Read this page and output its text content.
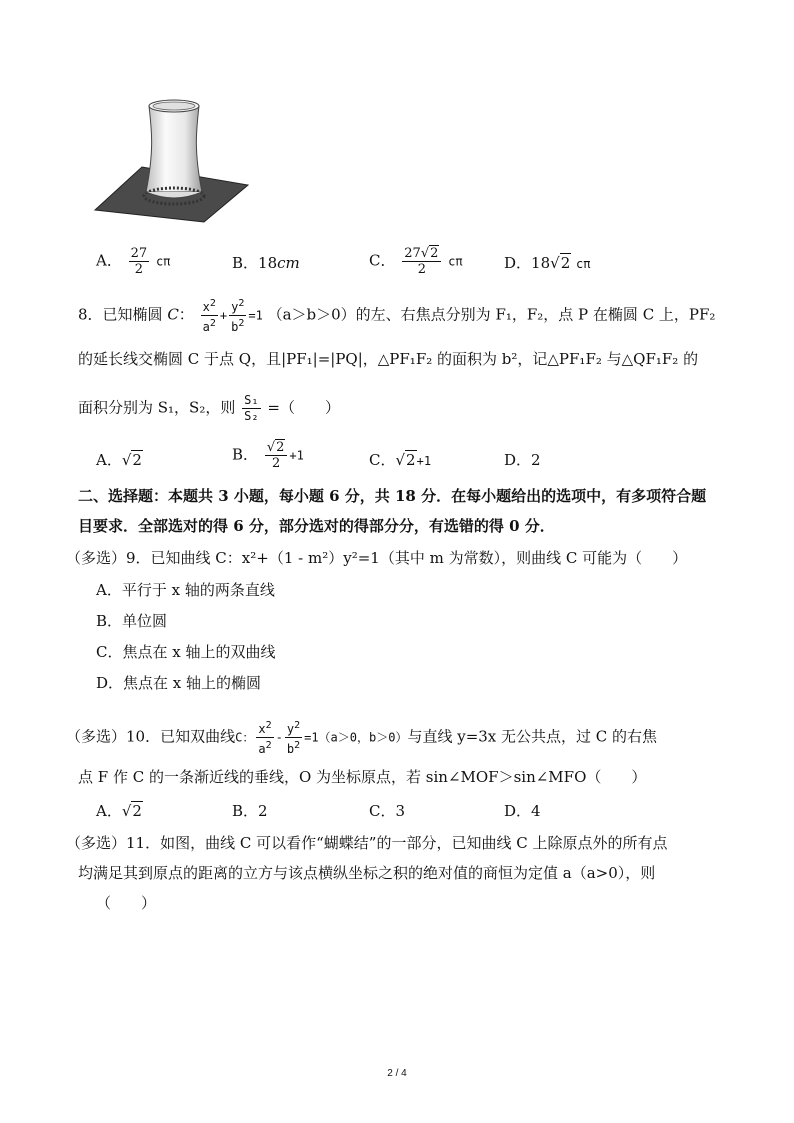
A． $\frac{27}{2}$ cπ	B．18cm	C． $\frac{27√2}{2}$ cπ	D．18√2 cπ
8．已知椭圆 C： $\frac{x^2}{a^2} + \frac{y^2}{b^2} =1$ （a＞b＞0）的左、右焦点分别为 F₁，F₂，点 P 在椭圆 C 上，PF₂
的延长线交椭圆 C 于点 Q，且|PF₁|=|PQ|，△PF₁F₂ 的面积为 b²，记△PF₁F₂ 与△QF₁F₂ 的
面积分别为 S₁，S₂，则 $\frac{\text{S₁}}{\text{S₂}}$ =（　　）
A．√2	B． $\frac{√2}{2} +1$	C．√2+1	D．2
二、选择题：本题共 3 小题，每小题 6 分，共 18 分．在每小题给出的选项中，有多项符合题
目要求．全部选对的得 6 分，部分选对的得部分分，有选错的得 0 分．
（多选）9．已知曲线 C：x²+（1 - m²）y²=1（其中 m 为常数），则曲线 C 可能为（　　）
A．平行于 x 轴的两条直线
B．单位圆
C．焦点在 x 轴上的双曲线
D．焦点在 x 轴上的椭圆
（多选）10．已知双曲线C： $\frac{x^2}{a^2} - \frac{y^2}{b^2} =1(a>0$，b＞0）与直线 y=3x 无公共点，过 C 的右焦
点 F 作 C 的一条渐近线的垂线，O 为坐标原点，若 sin∠MOF＞sin∠MFO（　　）
A．√2	B．2	C．3	D．4
（多选）11．如图，曲线 C 可以看作“蝴蝶结”的一部分，已知曲线 C 上除原点外的所有点
均满足其到原点的距离的立方与该点横纵坐标之积的绝对值的商恒为定值 a（a>0），则
（　　）
2 / 4
